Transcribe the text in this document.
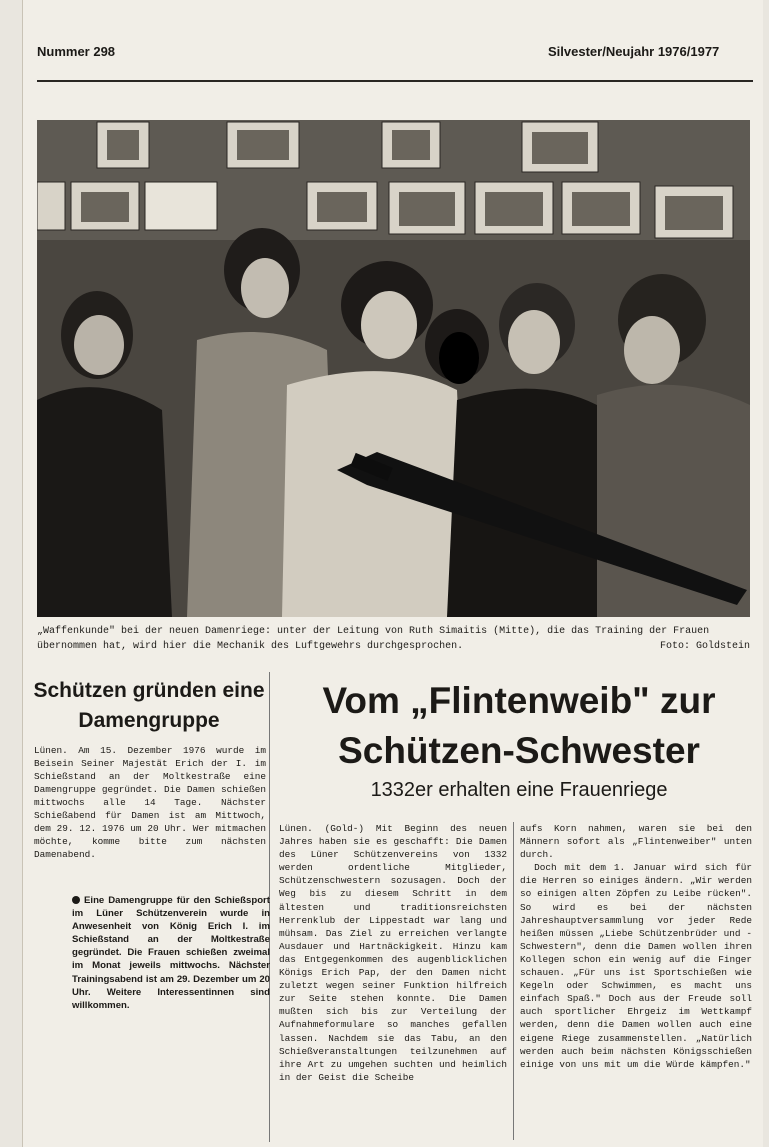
Nummer 298	Silvester/Neujahr 1976/1977
„Waffenkunde" bei der neuen Damenriege: unter der Leitung von Ruth Simaitis (Mitte), die das Training der Frauen übernommen hat, wird hier die Mechanik des Luftgewehrs durchgesprochen.	Foto: Goldstein
Schützen gründen eine Damengruppe

Lünen. Am 15. Dezember 1976 wurde im Beisein Seiner Majestät Erich der I. im Schießstand an der Moltkestraße eine Damengruppe gegründet. Die Damen schießen mittwochs alle 14 Tage. Nächster Schießabend für Damen ist am Mittwoch, dem 29. 12. 1976 um 20 Uhr. Wer mitmachen möchte, komme bitte zum nächsten Damenabend.

Eine Damengruppe für den Schießsport im Lüner Schützenverein wurde in Anwesenheit von König Erich I. im Schießstand an der Moltkestraße gegründet. Die Frauen schießen zweimal im Monat jeweils mittwochs. Nächster Trainingsabend ist am 29. Dezember um 20 Uhr. Weitere Interessentinnen sind willkommen.
Vom „Flintenweib" zur Schützen-Schwester
1332er erhalten eine Frauenriege

Lünen. (Gold-) Mit Beginn des neuen Jahres haben sie es geschafft: Die Damen des Lüner Schützenvereins von 1332 werden ordentliche Mitglieder, Schützenschwestern sozusagen. Doch der Weg bis zu diesem Schritt in dem ältesten und traditionsreichsten Herrenklub der Lippestadt war lang und mühsam. Das Ziel zu erreichen verlangte Ausdauer und Hartnäckigkeit. Hinzu kam das Entgegenkommen des augenblicklichen Königs Erich Pap, der den Damen nicht zuletzt wegen seiner Funktion hilfreich zur Seite stehen konnte. Die Damen mußten sich bis zur Verteilung der Aufnahmeformulare so manches gefallen lassen. Nachdem sie das Tabu, an den Schießveranstaltungen teilzunehmen auf ihre Art zu umgehen suchten und heimlich in der Geist die Scheibe

aufs Korn nahmen, waren sie bei den Männern sofort als „Flintenweiber" unten durch.

Doch mit dem 1. Januar wird sich für die Herren so einiges ändern. „Wir werden so einigen alten Zöpfen zu Leibe rücken". So wird es bei der nächsten Jahreshauptversammlung vor jeder Rede heißen müssen „Liebe Schützenbrüder und -Schwestern", denn die Damen wollen ihren Kollegen schon ein wenig auf die Finger schauen. „Für uns ist Sportschießen wie Kegeln oder Schwimmen, es macht uns einfach Spaß." Doch aus der Freude soll auch sportlicher Ehrgeiz im Wettkampf werden, denn die Damen wollen auch eine eigene Riege zusammenstellen. „Natürlich werden auch beim nächsten Königsschießen einige von uns mit um die Würde kämpfen."
